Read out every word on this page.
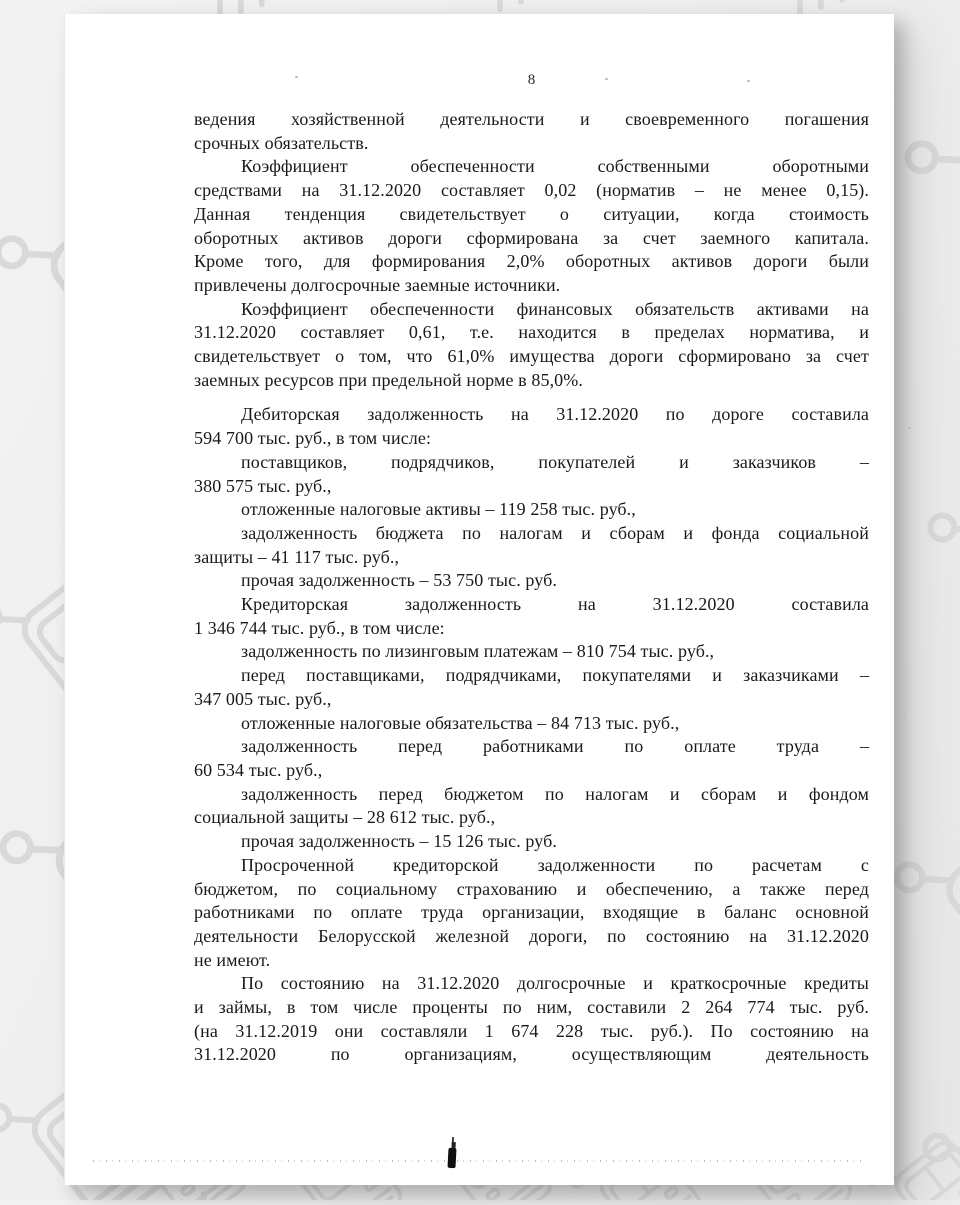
8
ведения хозяйственной деятельности и своевременного погашения
срочных обязательств.
Коэффициент обеспеченности собственными оборотными
средствами на 31.12.2020 составляет 0,02 (норматив – не менее 0,15).
Данная тенденция свидетельствует о ситуации, когда стоимость
оборотных активов дороги сформирована за счет заемного капитала.
Кроме того, для формирования 2,0% оборотных активов дороги были
привлечены долгосрочные заемные источники.
Коэффициент обеспеченности финансовых обязательств активами на
31.12.2020 составляет 0,61, т.е. находится в пределах норматива, и
свидетельствует о том, что 61,0% имущества дороги сформировано за счет
заемных ресурсов при предельной норме в 85,0%.
Дебиторская задолженность на 31.12.2020 по дороге составила
594 700 тыс. руб., в том числе:
поставщиков, подрядчиков, покупателей и заказчиков –
380 575 тыс. руб.,
отложенные налоговые активы – 119 258 тыс. руб.,
задолженность бюджета по налогам и сборам и фонда социальной
защиты – 41 117 тыс. руб.,
прочая задолженность – 53 750 тыс. руб.
Кредиторская задолженность на 31.12.2020 составила
1 346 744 тыс. руб., в том числе:
задолженность по лизинговым платежам – 810 754 тыс. руб.,
перед поставщиками, подрядчиками, покупателями и заказчиками –
347 005 тыс. руб.,
отложенные налоговые обязательства – 84 713 тыс. руб.,
задолженность перед работниками по оплате труда –
60 534 тыс. руб.,
задолженность перед бюджетом по налогам и сборам и фондом
социальной защиты – 28 612 тыс. руб.,
прочая задолженность – 15 126 тыс. руб.
Просроченной кредиторской задолженности по расчетам с
бюджетом, по социальному страхованию и обеспечению, а также перед
работниками по оплате труда организации, входящие в баланс основной
деятельности Белорусской железной дороги, по состоянию на 31.12.2020
не имеют.
По состоянию на 31.12.2020 долгосрочные и краткосрочные кредиты
и займы, в том числе проценты по ним, составили 2 264 774 тыс. руб.
(на 31.12.2019 они составляли 1 674 228 тыс. руб.). По состоянию на
31.12.2020 по организациям, осуществляющим деятельность
